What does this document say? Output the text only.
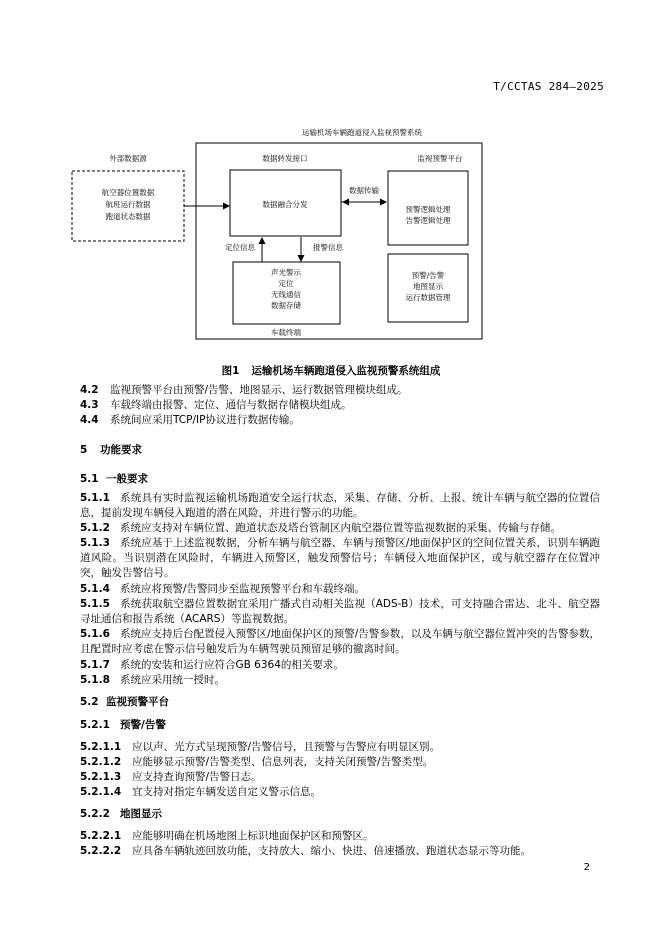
T/CCTAS 284—2025
运输机场车辆跑道侵入监视预警系统
外部数据源
航空器位置数据
航班运行数据
跑道状态数据
数据转发接口
数据融合分发
数据传输
监视预警平台
预警逻辑处理
告警逻辑处理
预警/告警
地图显示
运行数据管理
定位信息	报警信息
声光警示
定位
无线通信
数据存储
车载终端
图1 运输机场车辆跑道侵入监视预警系统组成
4.2 监视预警平台由预警/告警、地图显示、运行数据管理模块组成。
4.3 车载终端由报警、定位、通信与数据存储模块组成。
4.4 系统间应采用TCP/IP协议进行数据传输。
5 功能要求
5.1 一般要求
5.1.1 系统具有实时监视运输机场跑道安全运行状态，采集、存储、分析、上报、统计车辆与航空器的位置信息，提前发现车辆侵入跑道的潜在风险，并进行警示的功能。
5.1.2 系统应支持对车辆位置、跑道状态及塔台管制区内航空器位置等监视数据的采集、传输与存储。
5.1.3 系统应基于上述监视数据，分析车辆与航空器、车辆与预警区/地面保护区的空间位置关系，识别车辆跑道风险。当识别潜在风险时，车辆进入预警区，触发预警信号；车辆侵入地面保护区，或与航空器存在位置冲突，触发告警信号。
5.1.4 系统应将预警/告警同步至监视预警平台和车载终端。
5.1.5 系统获取航空器位置数据宜采用广播式自动相关监视（ADS-B）技术，可支持融合雷达、北斗、航空器寻址通信和报告系统（ACARS）等监视数据。
5.1.6 系统应支持后台配置侵入预警区/地面保护区的预警/告警参数，以及车辆与航空器位置冲突的告警参数，且配置时应考虑在警示信号触发后为车辆驾驶员预留足够的撤离时间。
5.1.7 系统的安装和运行应符合GB 6364的相关要求。
5.1.8 系统应采用统一授时。
5.2 监视预警平台
5.2.1 预警/告警
5.2.1.1 应以声、光方式呈现预警/告警信号，且预警与告警应有明显区别。
5.2.1.2 应能够显示预警/告警类型、信息列表，支持关闭预警/告警类型。
5.2.1.3 应支持查询预警/告警日志。
5.2.1.4 宜支持对指定车辆发送自定义警示信息。
5.2.2 地图显示
5.2.2.1 应能够明确在机场地图上标识地面保护区和预警区。
5.2.2.2 应具备车辆轨迹回放功能，支持放大、缩小、快进、倍速播放、跑道状态显示等功能。
2
